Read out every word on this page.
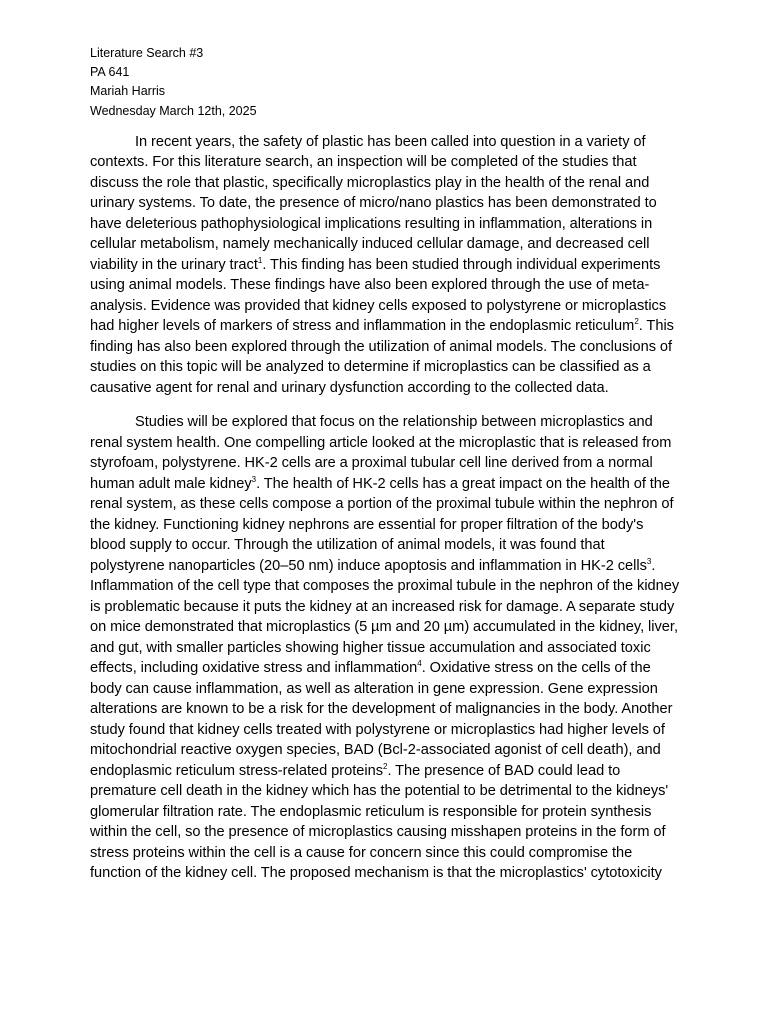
Literature Search #3

PA 641

Mariah Harris

Wednesday March 12th, 2025

In recent years, the safety of plastic has been called into question in a variety of contexts. For this literature search, an inspection will be completed of the studies that discuss the role that plastic, specifically microplastics play in the health of the renal and urinary systems. To date, the presence of micro/nano plastics has been demonstrated to have deleterious pathophysiological implications resulting in inflammation, alterations in cellular metabolism, namely mechanically induced cellular damage, and decreased cell viability in the urinary tract$^1$. This finding has been studied through individual experiments using animal models. These findings have also been explored through the use of meta-analysis. Evidence was provided that kidney cells exposed to polystyrene or microplastics had higher levels of markers of stress and inflammation in the endoplasmic reticulum$^2$. This finding has also been explored through the utilization of animal models. The conclusions of studies on this topic will be analyzed to determine if microplastics can be classified as a causative agent for renal and urinary dysfunction according to the collected data.

Studies will be explored that focus on the relationship between microplastics and renal system health. One compelling article looked at the microplastic that is released from styrofoam, polystyrene. HK-2 cells are a proximal tubular cell line derived from a normal human adult male kidney$^3$. The health of HK-2 cells has a great impact on the health of the renal system, as these cells compose a portion of the proximal tubule within the nephron of the kidney. Functioning kidney nephrons are essential for proper filtration of the body's blood supply to occur. Through the utilization of animal models, it was found that polystyrene nanoparticles (20–50 nm) induce apoptosis and inflammation in HK-2 cells$^3$. Inflammation of the cell type that composes the proximal tubule in the nephron of the kidney is problematic because it puts the kidney at an increased risk for damage. A separate study on mice demonstrated that microplastics (5 µm and 20 µm) accumulated in the kidney, liver, and gut, with smaller particles showing higher tissue accumulation and associated toxic effects, including oxidative stress and inflammation$^4$. Oxidative stress on the cells of the body can cause inflammation, as well as alteration in gene expression. Gene expression alterations are known to be a risk for the development of malignancies in the body. Another study found that kidney cells treated with polystyrene or microplastics had higher levels of mitochondrial reactive oxygen species, BAD (Bcl-2-associated agonist of cell death), and endoplasmic reticulum stress-related proteins$^2$. The presence of BAD could lead to premature cell death in the kidney which has the potential to be detrimental to the kidneys' glomerular filtration rate. The endoplasmic reticulum is responsible for protein synthesis within the cell, so the presence of microplastics causing misshapen proteins in the form of stress proteins within the cell is a cause for concern since this could compromise the function of the kidney cell. The proposed mechanism is that the microplastics' cytotoxicity
